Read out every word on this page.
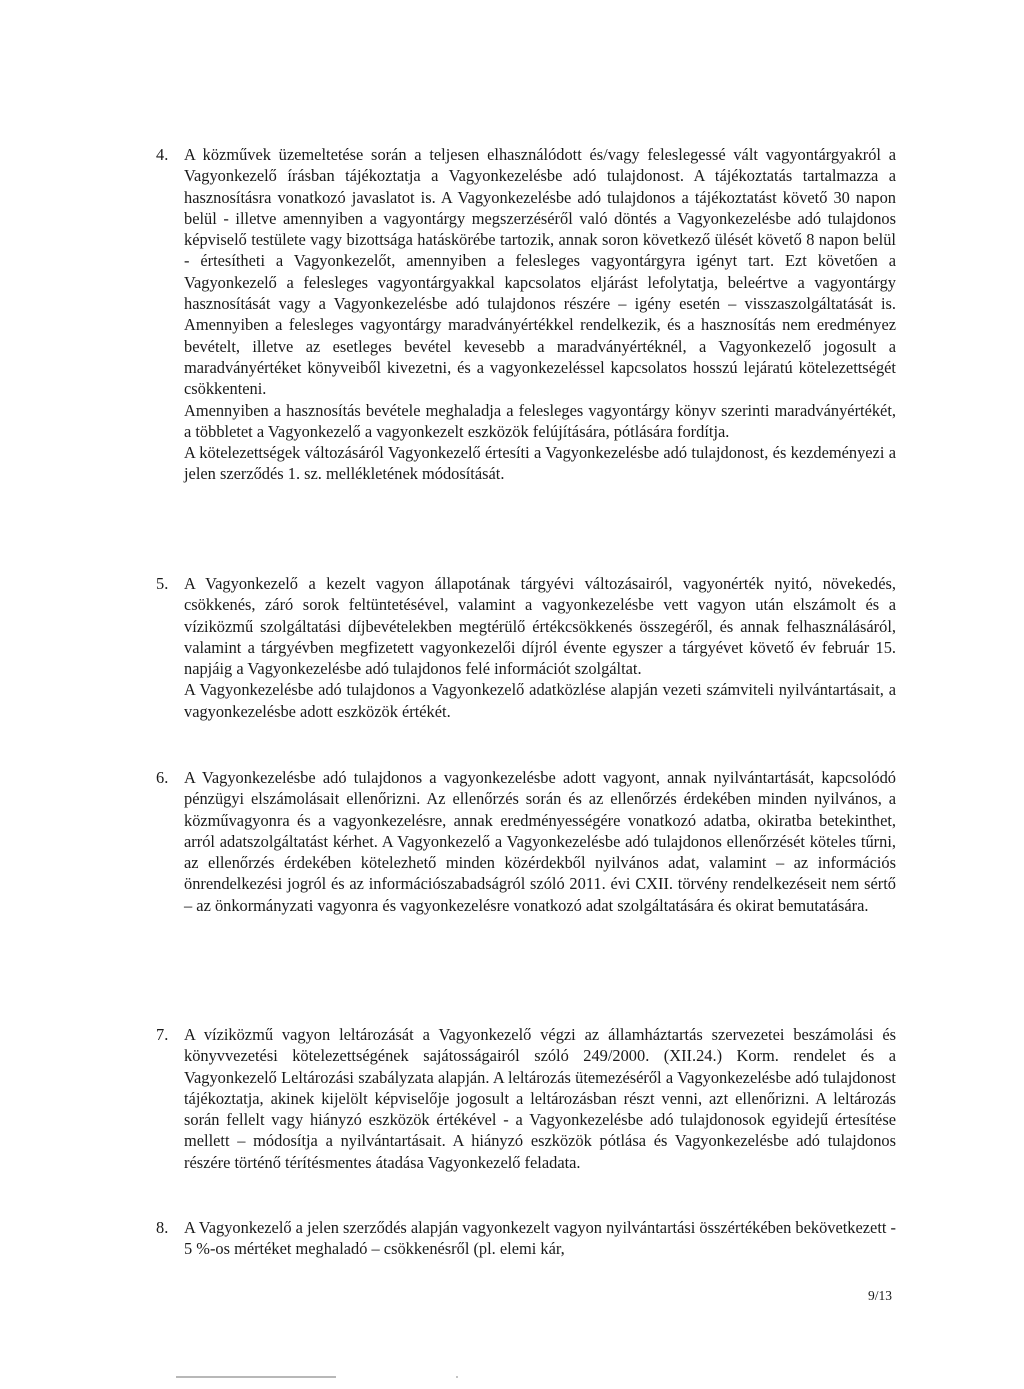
4. A közművek üzemeltetése során a teljesen elhasználódott és/vagy feleslegessé vált vagyontárgyakról a Vagyonkezelő írásban tájékoztatja a Vagyonkezelésbe adó tulajdonost. A tájékoztatás tartalmazza a hasznosításra vonatkozó javaslatot is. A Vagyonkezelésbe adó tulajdonos a tájékoztatást követő 30 napon belül - illetve amennyiben a vagyontárgy megszerzéséről való döntés a Vagyonkezelésbe adó tulajdonos képviselő testülete vagy bizottsága hatáskörébe tartozik, annak soron következő ülését követő 8 napon belül - értesítheti a Vagyonkezelőt, amennyiben a felesleges vagyontárgyra igényt tart. Ezt követően a Vagyonkezelő a felesleges vagyontárgyakkal kapcsolatos eljárást lefolytatja, beleértve a vagyontárgy hasznosítását vagy a Vagyonkezelésbe adó tulajdonos részére – igény esetén – visszaszolgáltatását is. Amennyiben a felesleges vagyontárgy maradványértékkel rendelkezik, és a hasznosítás nem eredményez bevételt, illetve az esetleges bevétel kevesebb a maradványértéknél, a Vagyonkezelő jogosult a maradványértéket könyveiből kivezetni, és a vagyonkezeléssel kapcsolatos hosszú lejáratú kötelezettségét csökkenteni.

Amennyiben a hasznosítás bevétele meghaladja a felesleges vagyontárgy könyv szerinti maradványértékét, a többletet a Vagyonkezelő a vagyonkezelt eszközök felújítására, pótlására fordítja.

A kötelezettségek változásáról Vagyonkezelő értesíti a Vagyonkezelésbe adó tulajdonost, és kezdeményezi a jelen szerződés 1. sz. mellékletének módosítását.

5. A Vagyonkezelő a kezelt vagyon állapotának tárgyévi változásairól, vagyonérték nyitó, növekedés, csökkenés, záró sorok feltüntetésével, valamint a vagyonkezelésbe vett vagyon után elszámolt és a víziközmű szolgáltatási díjbevételekben megtérülő értékcsökkenés összegéről, és annak felhasználásáról, valamint a tárgyévben megfizetett vagyonkezelői díjról évente egyszer a tárgyévet követő év február 15. napjáig a Vagyonkezelésbe adó tulajdonos felé információt szolgáltat.

A Vagyonkezelésbe adó tulajdonos a Vagyonkezelő adatközlése alapján vezeti számviteli nyilvántartásait, a vagyonkezelésbe adott eszközök értékét.

6. A Vagyonkezelésbe adó tulajdonos a vagyonkezelésbe adott vagyont, annak nyilvántartását, kapcsolódó pénzügyi elszámolásait ellenőrizni. Az ellenőrzés során és az ellenőrzés érdekében minden nyilvános, a közművagyonra és a vagyonkezelésre, annak eredményességére vonatkozó adatba, okiratba betekinthet, arról adatszolgáltatást kérhet. A Vagyonkezelő a Vagyonkezelésbe adó tulajdonos ellenőrzését köteles tűrni, az ellenőrzés érdekében kötelezhető minden közérdekből nyilvános adat, valamint – az információs önrendelkezési jogról és az információszabadságról szóló 2011. évi CXII. törvény rendelkezéseit nem sértő – az önkormányzati vagyonra és vagyonkezelésre vonatkozó adat szolgáltatására és okirat bemutatására.

7. A víziközmű vagyon leltározását a Vagyonkezelő végzi az államháztartás szervezetei beszámolási és könyvvezetési kötelezettségének sajátosságairól szóló 249/2000. (XII.24.) Korm. rendelet és a Vagyonkezelő Leltározási szabályzata alapján. A leltározás ütemezéséről a Vagyonkezelésbe adó tulajdonost tájékoztatja, akinek kijelölt képviselője jogosult a leltározásban részt venni, azt ellenőrizni. A leltározás során fellelt vagy hiányzó eszközök értékével - a Vagyonkezelésbe adó tulajdonosok egyidejű értesítése mellett – módosítja a nyilvántartásait. A hiányzó eszközök pótlása és Vagyonkezelésbe adó tulajdonos részére történő térítésmentes átadása Vagyonkezelő feladata.

8. A Vagyonkezelő a jelen szerződés alapján vagyonkezelt vagyon nyilvántartási összértékében bekövetkezett - 5 %-os mértéket meghaladó – csökkenésről (pl. elemi kár,

9/13
